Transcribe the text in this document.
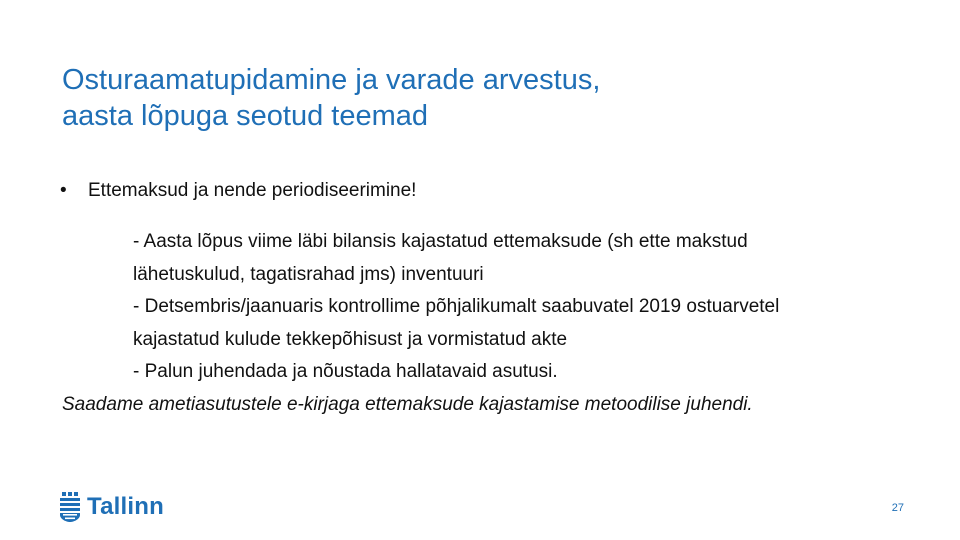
Osturaamatupidamine ja varade arvestus,
aasta lõpuga seotud teemad
• Ettemaksud ja nende periodiseerimine!
- Aasta lõpus viime läbi bilansis kajastatud ettemaksude (sh ette makstud
lähetuskulud, tagatisrahad jms) inventuuri
- Detsembris/jaanuaris kontrollime põhjalikumalt saabuvatel 2019 ostuarvetel
kajastatud kulude tekkepõhisust ja vormistatud akte
- Palun juhendada ja nõustada hallatavaid asutusi.
Saadame ametiasutustele e-kirjaga ettemaksude kajastamise metoodilise juhendi.
Tallinn	27
